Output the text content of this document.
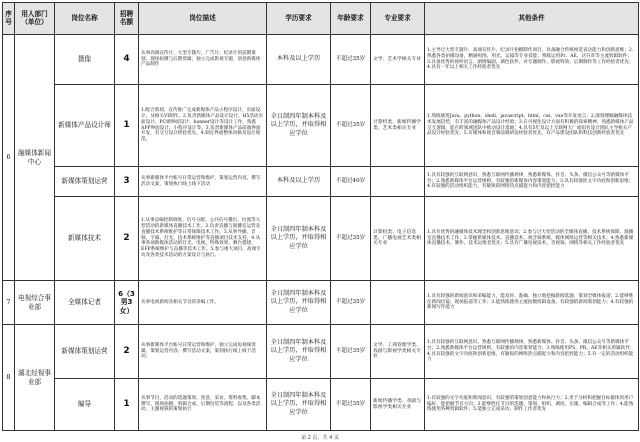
序号	用人部门（单位）	岗位名称	招聘名额	岗位描述	学历要求	年龄要求	专业要求	其他条件
6	融媒体新闻中心	摄像	4	从事高端宣传片、大型专题片、广告片、纪录片的前期策划、现场拍摄与后期剪辑，独立完成影视专题，创意新媒体产品制作	本科及以上学历	不超过35岁	文学、艺术学相关专业	1.主导过大型专题片、高端宣传片、纪录片拍摄制作项目，具备融合传统视觉表达能力和创新思维；2.熟悉各类拍摄设备，精通构图、用光、运镜等专业技能；熟练运用Pr、AE、达芬奇等主流剪辑软件；3.具备优秀的视听语言、剧情编剧、调色软件、对专题制作、影视特效、后期制作等工作经验者优先；4.具有一年以上相关工作经验者优先
		新媒体产品设计师	1	1.配合策划、宣传推广完成新媒体产品小程序设计、页面设计、及相关VI制作。2.负责新媒体产品设计设计、H5活动页面设计、PC端界面设计、banner设计等设计工作，熟悉APP界面设计、小程序设计等。3.负责新媒体产品前端界面开发，有交互设计经验优先。4.制定界面整体风格及设计规范。	全日制四年制本科及以上学历，并取得相应学位	不超过35岁	计算机类、新闻传播学类、艺术类相关专业	1.熟练使用Java、python、shell、javascript、html、css、vue等开发语言；2.深刻理解融媒体技术发展趋势，有丰富的融媒体产品设计经验；3.在可视化设计方面有积极的探索精神，熟悉新媒体产品交互逻辑，能在跨领域团队中推动设计落地；4.具有5年及以上互联网大厂或知名设计团队主导相关产品设计经验优先；5.有媒体和视音频前端研发经验者优先，有产品建设团队和科技创新经验者优先
		新媒体策划运营	3	从事新媒体平台账号日常运营和维护，策划运营内容，撰写活动文案，策划执行线上线下活动	本科及以上学历	不超过40岁		1.具有较强的互联网意识，熟悉互联网传播规律，熟悉新媒体、抖音、头条、微信公众号等新媒体平台；2.熟悉新媒体平台运营规则，有较强的新媒体内容策划能力；3.具有较强的文字功底和创新思维；4.有较强的活动组织能力，有敏锐的网络热点捕捉力和内容把控能力
		新媒体技术	2	1.从事总编控制调度、信号分配、公共信号播出、拉流等大型活动的新媒体直播技术工作。2.负责直播与演播室运营及直播技术系统维护等日常保障技术工作。3.从事导播、音频、字幕、灯光、技术系统维护等直播项目技术支持。4.从事各项新媒体活动的灯光、电视、特殊效果、舞台搭建、EFP系统维护与直播等技术工作。5.参与重大项目、高端专访及各类技术活动的方案设计与执行。	全日制四年制本科及以上学历，并取得相应学位	不超过35岁	计算机类、电子信息类、广播电视艺术类相关专业	1.具有优秀的融媒体技术理念和创新思维意识；2.参与过大型活动的全媒体直播、技术系统保障、演播室直播技术工作；3.掌握新媒体技术、直播技术、视音频系统、媒体网络运营等相关技术；4.熟悉新媒体直播技术、制作、技术运维者优先；5.具有广播电视技术、音视频、网络等相关工作经验者优先
7	电视综合事业部	全媒体记者	6（3男3女）	从事电视新闻及相关节目的采编工作。	全日制四年制本科及以上学历，并取得相应学位	不超过35岁		1.具有较强的新闻意识和采编能力，能及时、准确、独立地挖掘新闻选题、策划全媒体报道；2.能够胜任新闻出镜、现场报道等工作；3.能熟练使用主流拍摄剪辑设备，有较强的新闻策划能力；4.有较强的新闻写作能力
8	湖北经视事业部	新媒体策划运营	2	从事新媒体平台账号日常运营和维护，独立完成短视频剪辑，策划运营内容，撰写活动文案，策划执行线上线下活动。	全日制四年制本科及以上学历，并取得相应学位	不超过35岁	文学、工商管理学类、戏剧与影视学类相关专业	1.具有较强的互联网意识，熟悉互联网传播规律，熟悉新媒体、抖音、头条、微信公众号等新媒体平台；2.熟悉新媒体平台运营规则，有较强的内容策划能力；3.熟练使用PS、PR、AE等相关剪辑软件；4.具有较强的文字功底和创新思维，有敏锐的网络热点捕捉力和内容把控能力；5.有一定的活动组织能力
		编导	1	从事节目、活动的选题策划、创意、采访、资料收集、脚本撰写、现场拍摄、剪辑合成、后期包装等流程，以及各类活动、主题视频的策划执行	全日制四年制本科及以上学历，并取得相应学位	不超过35岁	新闻传播学类、戏剧与影视学类相关专业	1.有较强的文字功底和新闻意识，有较强的策划创意能力和执行力；2.善于分析和把握目标群体的用户偏好，能把握节目方向；3.能够胜任节目的选题、策划、组织、调度、实施、编辑合成等工作；4.能熟练使用各种剪辑软件；5.能独立完成采访、制作工作者优先
第 2 页，共 4 页
